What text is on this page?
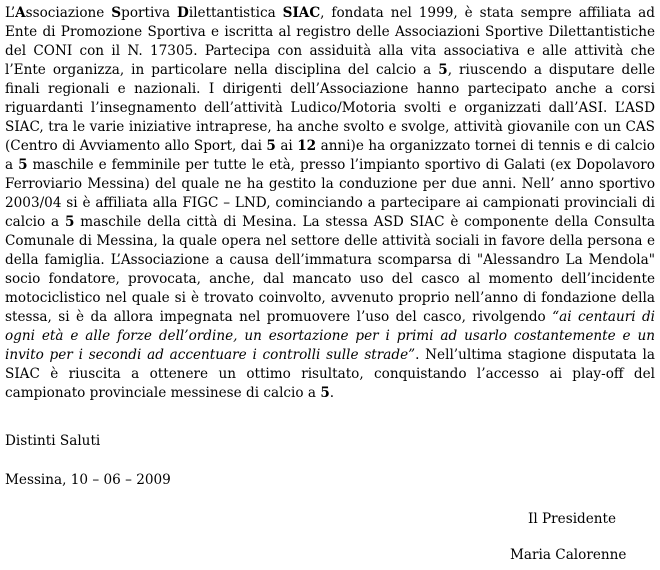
L’Associazione Sportiva Dilettantistica SIAC, fondata nel 1999, è stata sempre affiliata ad Ente di Promozione Sportiva e iscritta al registro delle Associazioni Sportive Dilettantistiche del CONI con il N. 17305. Partecipa con assiduità alla vita associativa e alle attività che l’Ente organizza, in particolare nella disciplina del calcio a 5, riuscendo a disputare delle finali regionali e nazionali. I dirigenti dell’Associazione hanno partecipato anche a corsi riguardanti l’insegnamento dell’attività Ludico/Motoria svolti e organizzati dall’ASI. L’ASD SIAC, tra le varie iniziative intraprese, ha anche svolto e svolge, attività giovanile con un CAS (Centro di Avviamento allo Sport, dai 5 ai 12 anni)e ha organizzato tornei di tennis e di calcio a 5 maschile e femminile per tutte le età, presso l’impianto sportivo di Galati (ex Dopolavoro Ferroviario Messina) del quale ne ha gestito la conduzione per due anni. Nell’ anno sportivo 2003/04 si è affiliata alla FIGC – LND, cominciando a partecipare ai campionati provinciali di calcio a 5 maschile della città di Mesina. La stessa ASD SIAC è componente della Consulta Comunale di Messina, la quale opera nel settore delle attività sociali in favore della persona e della famiglia. L’Associazione a causa dell’immatura scomparsa di "Alessandro La Mendola" socio fondatore, provocata, anche, dal mancato uso del casco al momento dell’incidente motociclistico nel quale si è trovato coinvolto, avvenuto proprio nell’anno di fondazione della stessa, si è da allora impegnata nel promuovere l’uso del casco, rivolgendo “ai centauri di ogni età e alle forze dell’ordine, un esortazione per i primi ad usarlo costantemente e un invito per i secondi ad accentuare i controlli sulle strade”. Nell’ultima stagione disputata la SIAC è riuscita a ottenere un ottimo risultato, conquistando l’accesso ai play-off del campionato provinciale messinese di calcio a 5.

Distinti Saluti
Messina, 10 – 06 – 2009
Il Presidente
Maria Calorenne
